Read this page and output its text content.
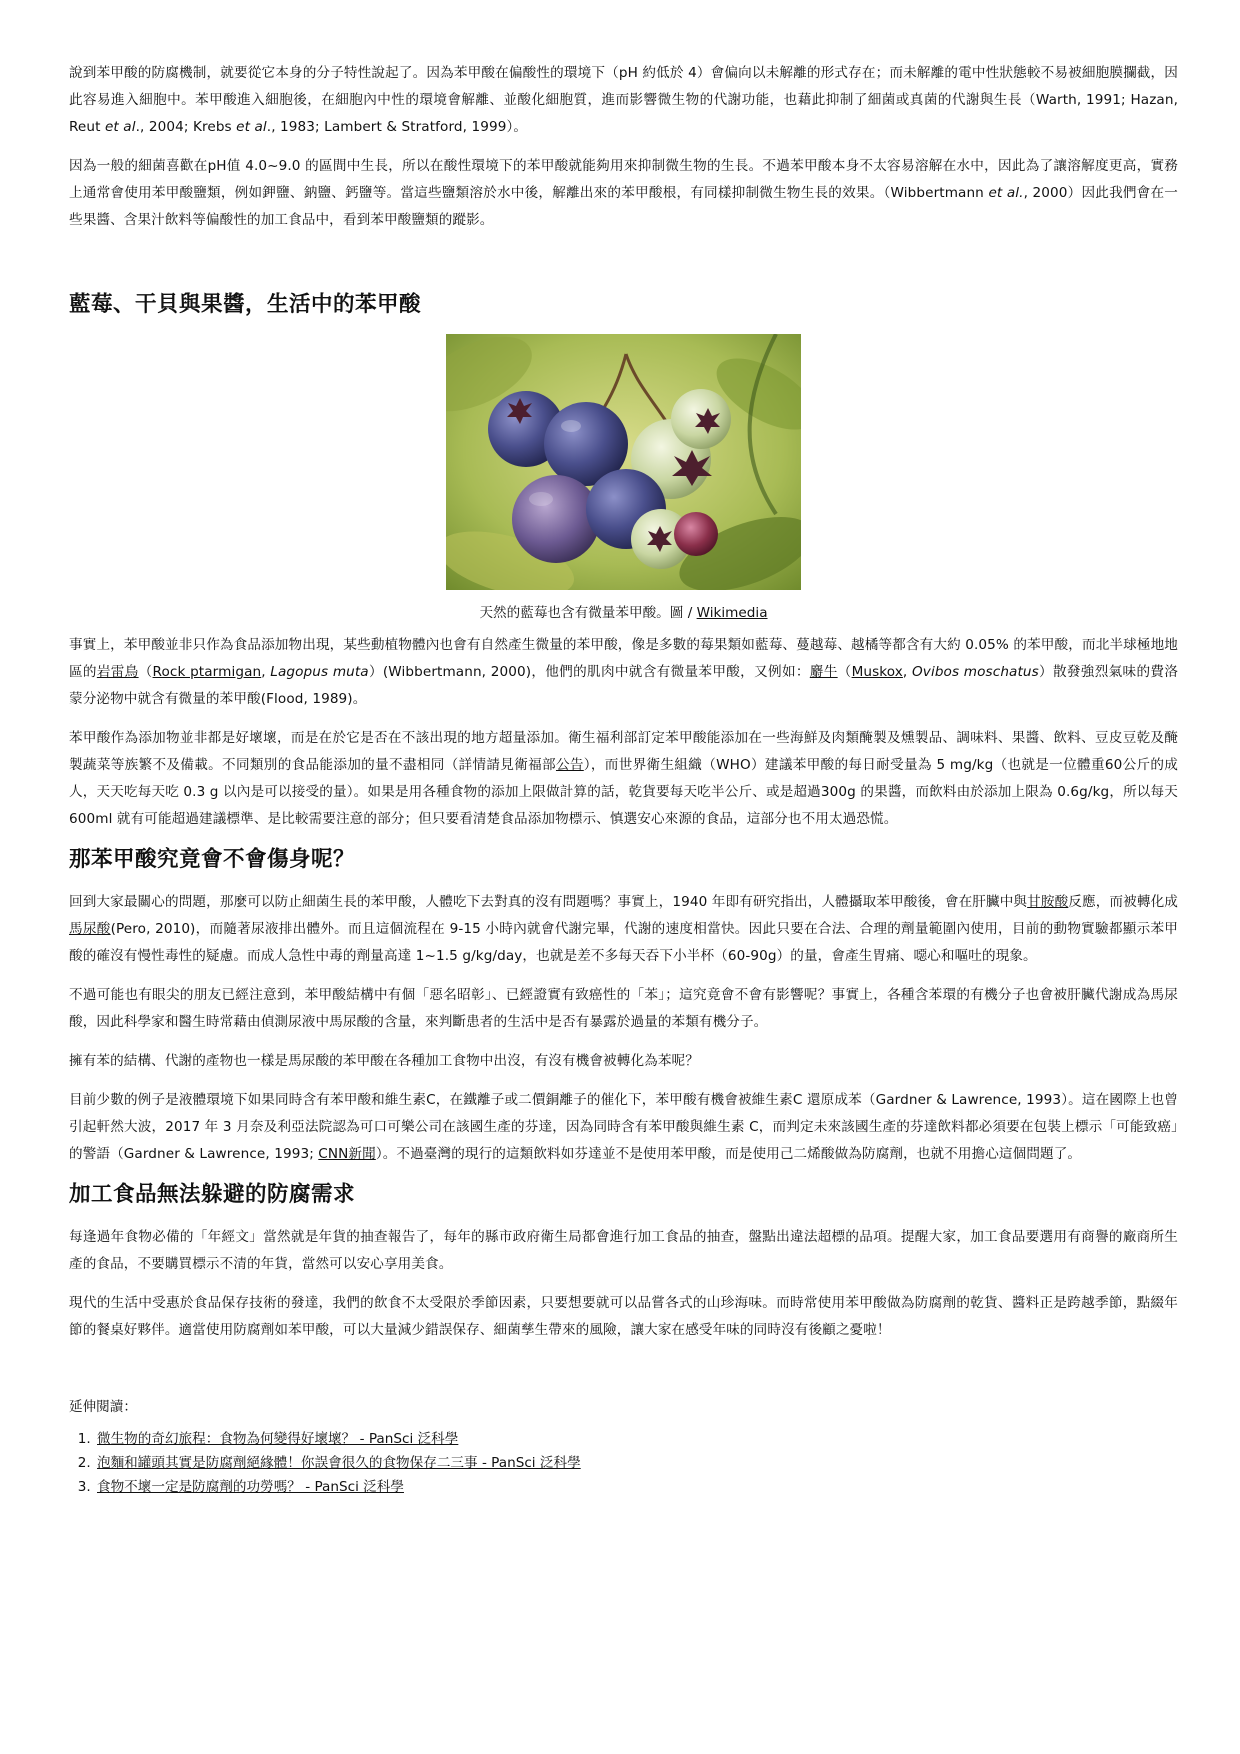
說到苯甲酸的防腐機制，就要從它本身的分子特性說起了。因為苯甲酸在偏酸性的環境下（pH 約低於 4）會偏向以未解離的形式存在；而未解離的電中性狀態較不易被細胞膜攔截，因此容易進入細胞中。苯甲酸進入細胞後，在細胞內中性的環境會解離、並酸化細胞質，進而影響微生物的代謝功能，也藉此抑制了細菌或真菌的代謝與生長（Warth, 1991; Hazan, Reut et al., 2004; Krebs et al., 1983; Lambert & Stratford, 1999）。

因為一般的細菌喜歡在pH值 4.0~9.0 的區間中生長，所以在酸性環境下的苯甲酸就能夠用來抑制微生物的生長。不過苯甲酸本身不太容易溶解在水中，因此為了讓溶解度更高，實務上通常會使用苯甲酸鹽類，例如鉀鹽、鈉鹽、鈣鹽等。當這些鹽類溶於水中後，解離出來的苯甲酸根，有同樣抑制微生物生長的效果。（Wibbertmann et al., 2000）因此我們會在一些果醬、含果汁飲料等偏酸性的加工食品中，看到苯甲酸鹽類的蹤影。

藍莓、干貝與果醬，生活中的苯甲酸
天然的藍莓也含有微量苯甲酸。圖 / Wikimedia

事實上，苯甲酸並非只作為食品添加物出現，某些動植物體內也會有自然產生微量的苯甲酸，像是多數的莓果類如藍莓、蔓越莓、越橘等都含有大約 0.05% 的苯甲酸，而北半球極地地區的岩雷鳥（Rock ptarmigan, Lagopus muta）(Wibbertmann, 2000)，他們的肌肉中就含有微量苯甲酸，又例如：麝牛（Muskox, Ovibos moschatus）散發強烈氣味的費洛蒙分泌物中就含有微量的苯甲酸(Flood, 1989)。

苯甲酸作為添加物並非都是好壞壞，而是在於它是否在不該出現的地方超量添加。衛生福利部訂定苯甲酸能添加在一些海鮮及肉類醃製及燻製品、調味料、果醬、飲料、豆皮豆乾及醃製蔬菜等族繁不及備載。不同類別的食品能添加的量不盡相同（詳情請見衛福部公告），而世界衛生組織（WHO）建議苯甲酸的每日耐受量為 5 mg/kg（也就是一位體重60公斤的成人，天天吃每天吃 0.3 g 以內是可以接受的量）。如果是用各種食物的添加上限做計算的話，乾貨要每天吃半公斤、或是超過300g 的果醬，而飲料由於添加上限為 0.6g/kg，所以每天 600ml 就有可能超過建議標準、是比較需要注意的部分；但只要看清楚食品添加物標示、慎選安心來源的食品，這部分也不用太過恐慌。

那苯甲酸究竟會不會傷身呢？

回到大家最關心的問題，那麼可以防止細菌生長的苯甲酸，人體吃下去對真的沒有問題嗎？事實上，1940 年即有研究指出，人體攝取苯甲酸後，會在肝臟中與甘胺酸反應，而被轉化成馬尿酸(Pero, 2010)，而隨著尿液排出體外。而且這個流程在 9-15 小時內就會代謝完畢，代謝的速度相當快。因此只要在合法、合理的劑量範圍內使用，目前的動物實驗都顯示苯甲酸的確沒有慢性毒性的疑慮。而成人急性中毒的劑量高達 1~1.5 g/kg/day，也就是差不多每天吞下小半杯（60-90g）的量，會產生胃痛、噁心和嘔吐的現象。

不過可能也有眼尖的朋友已經注意到，苯甲酸結構中有個「惡名昭彰」、已經證實有致癌性的「苯」；這究竟會不會有影響呢？事實上，各種含苯環的有機分子也會被肝臟代謝成為馬尿酸，因此科學家和醫生時常藉由偵測尿液中馬尿酸的含量，來判斷患者的生活中是否有暴露於過量的苯類有機分子。

擁有苯的結構、代謝的產物也一樣是馬尿酸的苯甲酸在各種加工食物中出沒，有沒有機會被轉化為苯呢？

目前少數的例子是液體環境下如果同時含有苯甲酸和維生素C，在鐵離子或二價銅離子的催化下，苯甲酸有機會被維生素C 還原成苯（Gardner & Lawrence, 1993）。這在國際上也曾引起軒然大波，2017 年 3 月奈及利亞法院認為可口可樂公司在該國生產的芬達，因為同時含有苯甲酸與維生素 C，而判定未來該國生產的芬達飲料都必須要在包裝上標示「可能致癌」的警語（Gardner & Lawrence, 1993; CNN新聞）。不過臺灣的現行的這類飲料如芬達並不是使用苯甲酸，而是使用己二烯酸做為防腐劑，也就不用擔心這個問題了。

加工食品無法躲避的防腐需求

每逢過年食物必備的「年經文」當然就是年貨的抽查報告了，每年的縣市政府衛生局都會進行加工食品的抽查，盤點出違法超標的品項。提醒大家，加工食品要選用有商譽的廠商所生產的食品，不要購買標示不清的年貨，當然可以安心享用美食。

現代的生活中受惠於食品保存技術的發達，我們的飲食不太受限於季節因素，只要想要就可以品嘗各式的山珍海味。而時常使用苯甲酸做為防腐劑的乾貨、醬料正是跨越季節，點綴年節的餐桌好夥伴。適當使用防腐劑如苯甲酸，可以大量減少錯誤保存、細菌孳生帶來的風險，讓大家在感受年味的同時沒有後顧之憂啦！

延伸閱讀：
1. 微生物的奇幻旅程：食物為何變得好壞壞？ - PanSci 泛科學
2. 泡麵和罐頭其實是防腐劑絕緣體！你誤會很久的食物保存二三事 - PanSci 泛科學
3. 食物不壞一定是防腐劑的功勞嗎？ - PanSci 泛科學
